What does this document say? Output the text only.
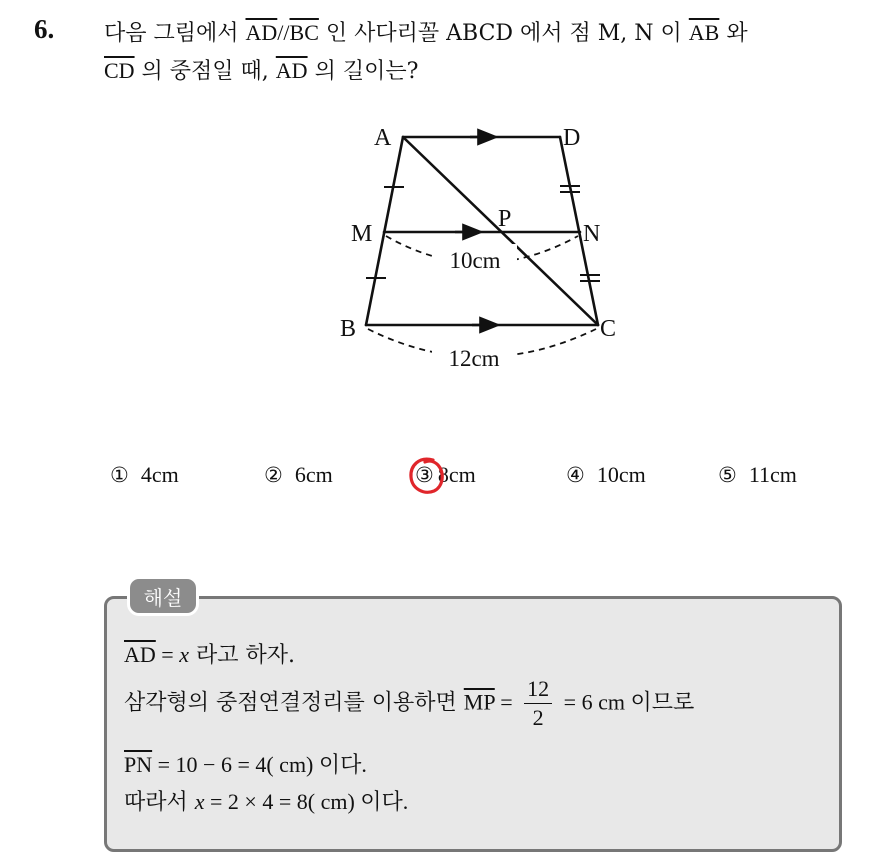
6. 다음 그림에서 $\overline{AD}//\overline{BC}$ 인 사다리꼴 ABCD 에서 점 M, N 이 $\overline{AB}$ 와
$\overline{CD}$ 의 중점일 때, $\overline{AD}$ 의 길이는?
A	D
M	N
P
B	C
10cm
12cm
① 4cm	② 6cm	③ 8cm	④ 10cm	⑤ 11cm
해설
$\overline{AD} = x$ 라고 하자.
삼각형의 중점연결정리를 이용하면 $\overline{MP} = \frac{12}{2} = 6$ cm 이므로
$\overline{PN} = 10 - 6 = 4$( cm) 이다.
따라서 x = 2 × 4 = 8( cm) 이다.
